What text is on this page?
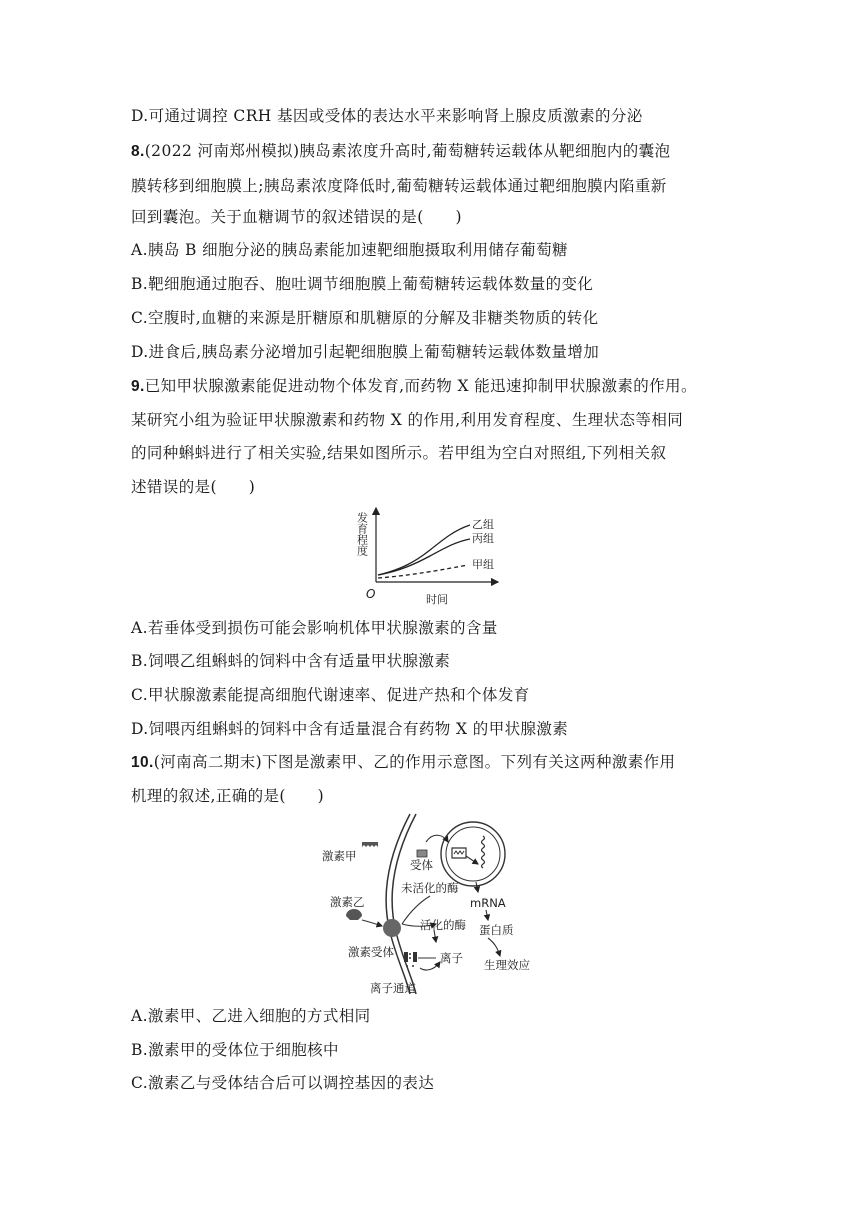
D.可通过调控 CRH 基因或受体的表达水平来影响肾上腺皮质激素的分泌
8.(2022 河南郑州模拟)胰岛素浓度升高时,葡萄糖转运载体从靶细胞内的囊泡
膜转移到细胞膜上;胰岛素浓度降低时,葡萄糖转运载体通过靶细胞膜内陷重新
回到囊泡。关于血糖调节的叙述错误的是(　　)
A.胰岛 B 细胞分泌的胰岛素能加速靶细胞摄取利用储存葡萄糖
B.靶细胞通过胞吞、胞吐调节细胞膜上葡萄糖转运载体数量的变化
C.空腹时,血糖的来源是肝糖原和肌糖原的分解及非糖类物质的转化
D.进食后,胰岛素分泌增加引起靶细胞膜上葡萄糖转运载体数量增加
9.已知甲状腺激素能促进动物个体发育,而药物 X 能迅速抑制甲状腺激素的作用。
某研究小组为验证甲状腺激素和药物 X 的作用,利用发育程度、生理状态等相同
的同种蝌蚪进行了相关实验,结果如图所示。若甲组为空白对照组,下列相关叙
述错误的是(　　)
发育程度
O	时间
乙组
丙组
甲组
A.若垂体受到损伤可能会影响机体甲状腺激素的含量
B.饲喂乙组蝌蚪的饲料中含有适量甲状腺激素
C.甲状腺激素能提高细胞代谢速率、促进产热和个体发育
D.饲喂丙组蝌蚪的饲料中含有适量混合有药物 X 的甲状腺激素
10.(河南高二期末)下图是激素甲、乙的作用示意图。下列有关这两种激素作用
机理的叙述,正确的是(　　)
激素甲
受体
未活化的酶
激素乙	mRNA
活化的酶 蛋白质
激素受体	离子 生理效应
离子通道
A.激素甲、乙进入细胞的方式相同
B.激素甲的受体位于细胞核中
C.激素乙与受体结合后可以调控基因的表达
